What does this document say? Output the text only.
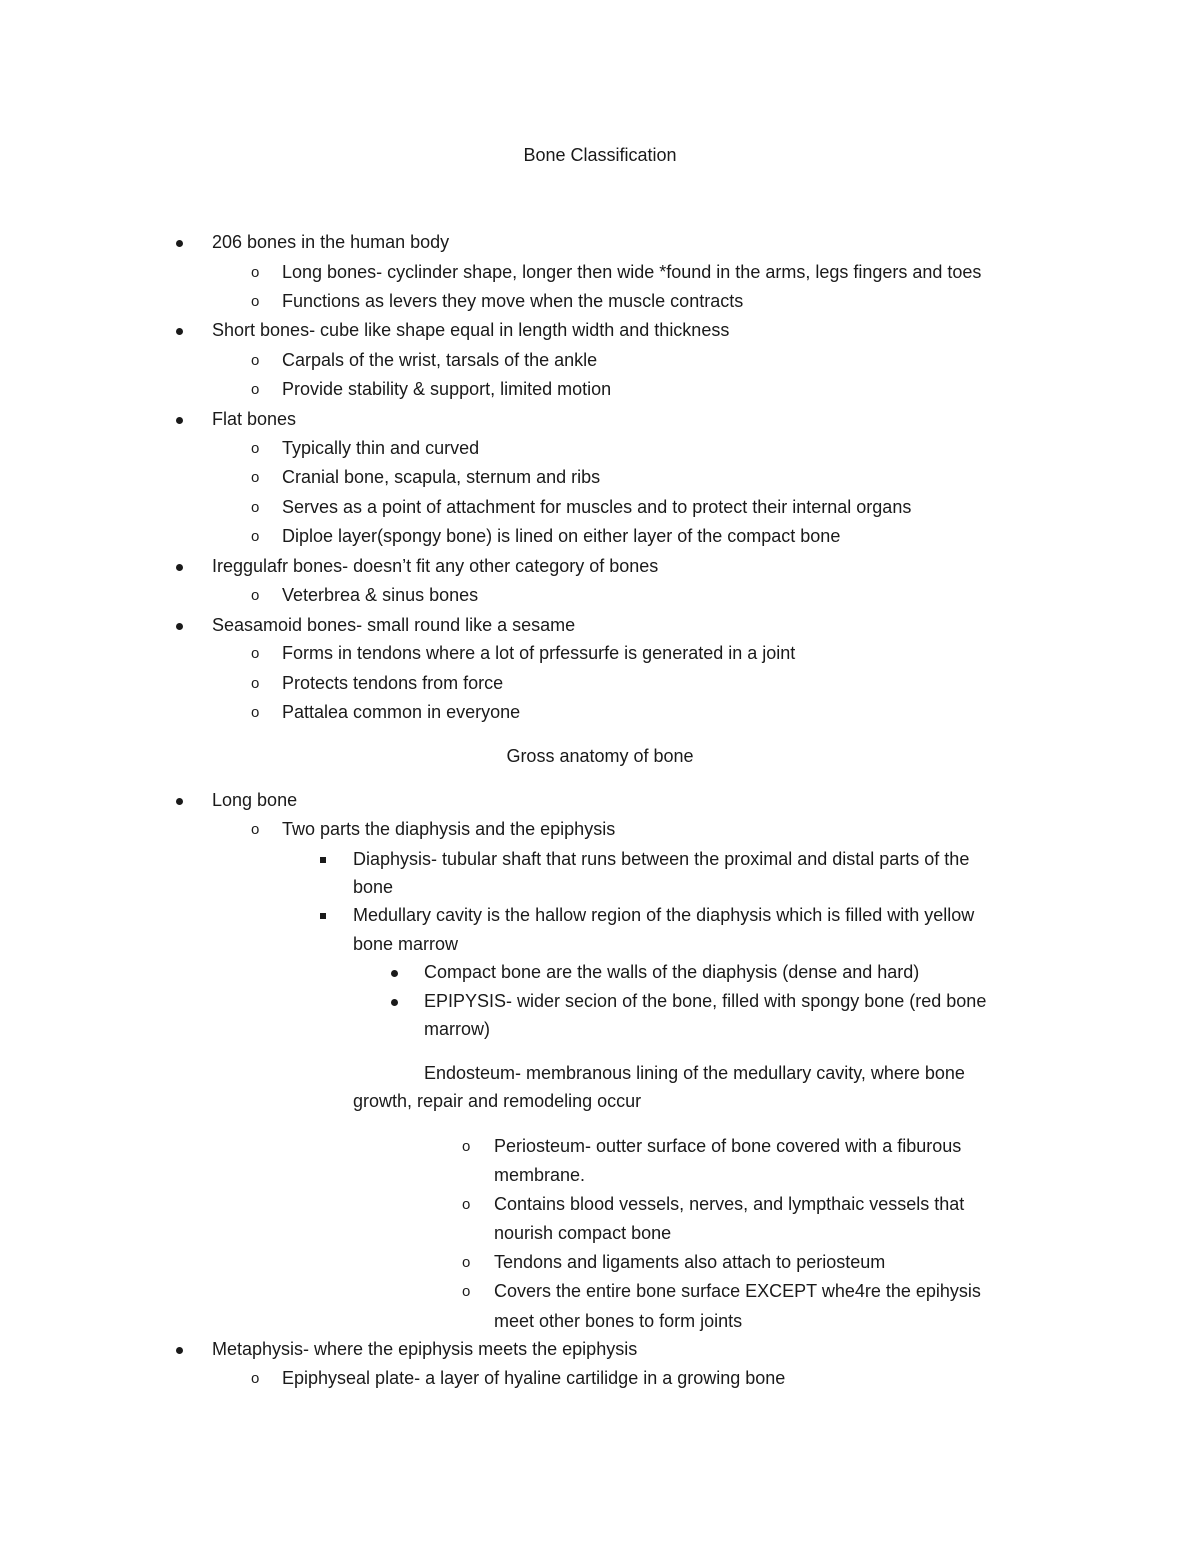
Bone Classification
Gross anatomy of bone
206 bones in the human body
o Long bones- cyclinder shape, longer then wide *found in the arms, legs fingers and toes
o Functions as levers they move when the muscle contracts
Short bones- cube like shape equal in length width and thickness
o Carpals of the wrist, tarsals of the ankle
o Provide stability & support, limited motion
Flat bones
o Typically thin and curved
o Cranial bone, scapula, sternum and ribs
o Serves as a point of attachment for muscles and to protect their internal organs
o Diploe layer(spongy bone) is lined on either layer of the compact bone
Ireggulafr bones- doesn’t fit any other category of bones
o Veterbrea & sinus bones
Seasamoid bones- small round like a sesame
o Forms in tendons where a lot of prfessurfe is generated in a joint
o Protects tendons from force
o Pattalea common in everyone
Long bone
o Two parts the diaphysis and the epiphysis
Diaphysis- tubular shaft that runs between the proximal and distal parts of the
bone
Medullary cavity is the hallow region of the diaphysis which is filled with yellow
bone marrow
Compact bone are the walls of the diaphysis (dense and hard)
EPIPYSIS- wider secion of the bone, filled with spongy bone (red bone
marrow)
Endosteum- membranous lining of the medullary cavity, where bone
growth, repair and remodeling occur
o Periosteum- outter surface of bone covered with a fiburous
membrane.
o Contains blood vessels, nerves, and lympthaic vessels that
nourish compact bone
o Tendons and ligaments also attach to periosteum
o Covers the entire bone surface EXCEPT whe4re the epihysis
meet other bones to form joints
Metaphysis- where the epiphysis meets the epiphysis
o Epiphyseal plate- a layer of hyaline cartilidge in a growing bone
